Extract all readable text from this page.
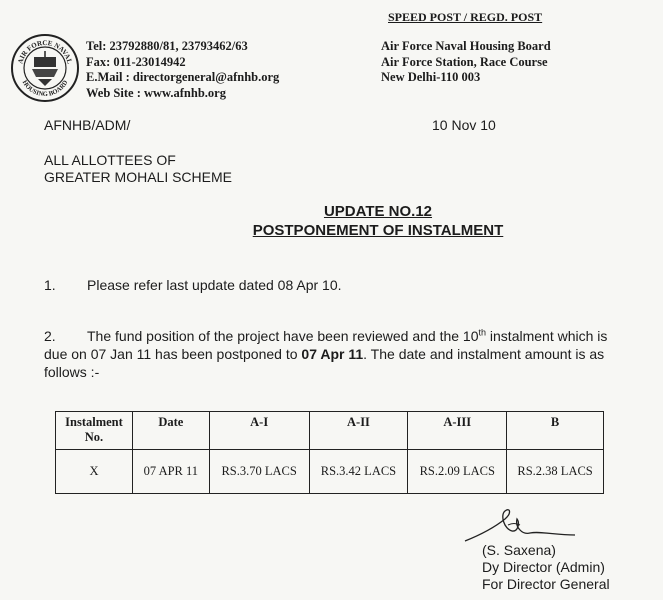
SPEED POST / REGD. POST
AIR FORCE NAVAL
HOUSING BOARD
Tel: 23792880/81, 23793462/63
Fax: 011-23014942
E.Mail : directorgeneral@afnhb.org
Web Site : www.afnhb.org
Air Force Naval Housing Board
Air Force Station, Race Course
New Delhi-110 003
AFNHB/ADM/	10 Nov 10
ALL ALLOTTEES OF
GREATER MOHALI SCHEME
UPDATE NO.12
POSTPONEMENT OF INSTALMENT
1. Please refer last update dated 08 Apr 10.
2. The fund position of the project have been reviewed and the 10th instalment which is due on 07 Jan 11 has been postponed to 07 Apr 11. The date and instalment amount is as follows :-
Instalment No.	Date	A-I	A-II	A-III	B
X	07 APR 11	RS.3.70 LACS	RS.3.42 LACS	RS.2.09 LACS	RS.2.38 LACS
(S. Saxena)
Dy Director (Admin)
For Director General
